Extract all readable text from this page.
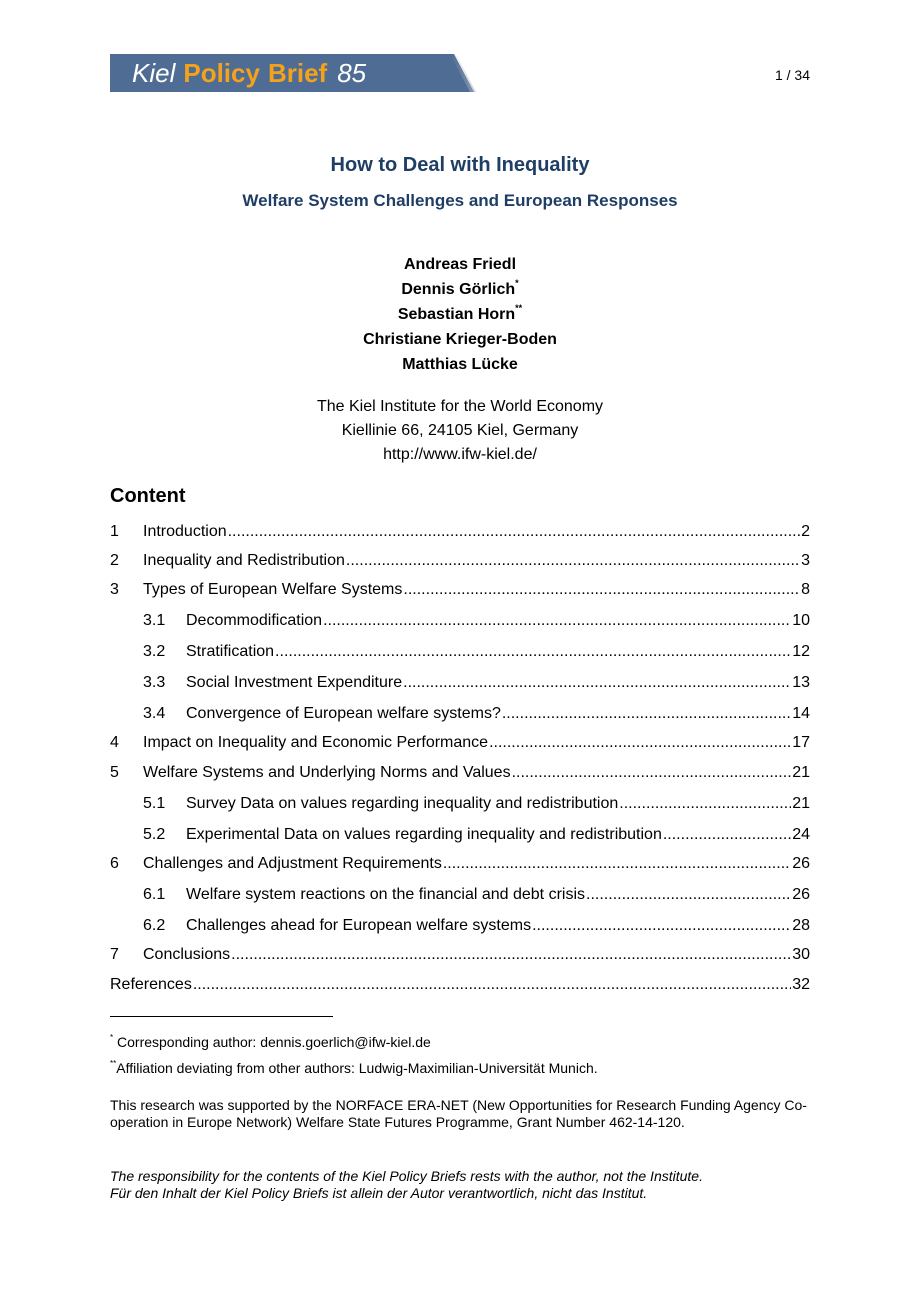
Kiel Policy Brief 85	1 / 34
How to Deal with Inequality
Welfare System Challenges and European Responses
Andreas Friedl
Dennis Görlich*
Sebastian Horn**
Christiane Krieger-Boden
Matthias Lücke
The Kiel Institute for the World Economy
Kiellinie 66, 24105 Kiel, Germany
http://www.ifw-kiel.de/
Content
1	Introduction .....	2
2	Inequality and Redistribution .....	3
3	Types of European Welfare Systems .....	8
3.1	Decommodification .....	10
3.2	Stratification .....	12
3.3	Social Investment Expenditure .....	13
3.4	Convergence of European welfare systems? .....	14
4	Impact on Inequality and Economic Performance .....	17
5	Welfare Systems and Underlying Norms and Values .....	21
5.1	Survey Data on values regarding inequality and redistribution .....	21
5.2	Experimental Data on values regarding inequality and redistribution .....	24
6	Challenges and Adjustment Requirements .....	26
6.1	Welfare system reactions on the financial and debt crisis .....	26
6.2	Challenges ahead for European welfare systems .....	28
7	Conclusions .....	30
References .....	32
* Corresponding author: dennis.goerlich@ifw-kiel.de
**Affiliation deviating from other authors: Ludwig-Maximilian-Universität Munich.
This research was supported by the NORFACE ERA-NET (New Opportunities for Research Funding Agency Co-operation in Europe Network) Welfare State Futures Programme, Grant Number 462-14-120.
The responsibility for the contents of the Kiel Policy Briefs rests with the author, not the Institute.
Für den Inhalt der Kiel Policy Briefs ist allein der Autor verantwortlich, nicht das Institut.
